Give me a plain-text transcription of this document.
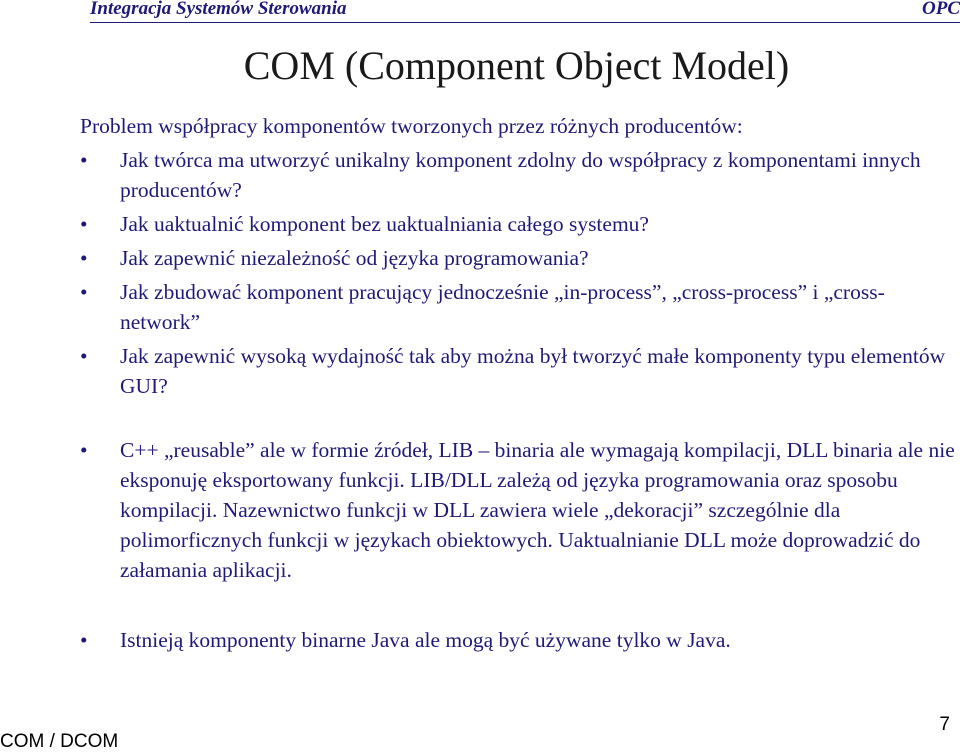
Integracja Systemów Sterowania	OPC
COM (Component Object Model)

Problem współpracy komponentów tworzonych przez różnych producentów:

• Jak twórca ma utworzyć unikalny komponent zdolny do współpracy z komponentami innych producentów?
• Jak uaktualnić komponent bez uaktualniania całego systemu?
• Jak zapewnić niezależność od języka programowania?
• Jak zbudować komponent pracujący jednocześnie „in-process”, „cross-process” i „cross-network”
• Jak zapewnić wysoką wydajność tak aby można był tworzyć małe komponenty typu elementów GUI?
• C++ „reusable” ale w formie źródeł, LIB – binaria ale wymagają kompilacji, DLL binaria ale nie eksponuję eksportowany funkcji. LIB/DLL zależą od języka programowania oraz sposobu kompilacji. Nazewnictwo funkcji w DLL zawiera wiele „dekoracji” szczególnie dla polimorficznych funkcji w językach obiektowych. Uaktualnianie DLL może doprowadzić do załamania aplikacji.
• Istnieją komponenty binarne Java ale mogą być używane tylko w Java.
COM / DCOM
7
